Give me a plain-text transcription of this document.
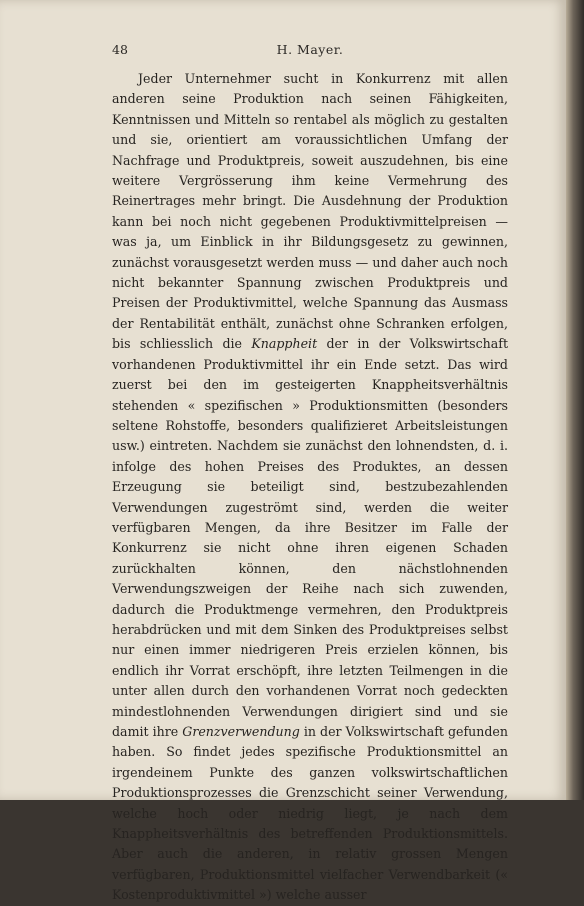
48	H. Mayer.
Jeder Unternehmer sucht in Konkurrenz mit allen anderen seine Produktion nach seinen Fähigkeiten, Kenntnissen und Mitteln so rentabel als möglich zu gestalten und sie, orientiert am voraussichtlichen Umfang der Nachfrage und Produktpreis, soweit auszudehnen, bis eine weitere Vergrösserung ihm keine Vermehrung des Reinertrages mehr bringt. Die Ausdehnung der Produktion kann bei noch nicht gegebenen Produktivmittelpreisen — was ja, um Einblick in ihr Bildungsgesetz zu gewinnen, zunächst vorausgesetzt werden muss — und daher auch noch nicht bekannter Spannung zwischen Produktpreis und Preisen der Produktivmittel, welche Spannung das Ausmass der Rentabilität enthält, zunächst ohne Schranken erfolgen, bis schliesslich die Knappheit der in der Volkswirtschaft vorhandenen Produktivmittel ihr ein Ende setzt. Das wird zuerst bei den im gesteigerten Knappheitsverhältnis stehenden « spezifischen » Produktionsmitten (besonders seltene Rohstoffe, besonders qualifizieret Arbeitsleistungen usw.) eintreten. Nachdem sie zunächst den lohnendsten, d. i. infolge des hohen Preises des Produktes, an dessen Erzeugung sie beteiligt sind, bestzubezahlenden Verwendungen zugeströmt sind, werden die weiter verfügbaren Mengen, da ihre Besitzer im Falle der Konkurrenz sie nicht ohne ihren eigenen Schaden zurückhalten können, den nächstlohnenden Verwendungszweigen der Reihe nach sich zuwenden, dadurch die Produktmenge vermehren, den Produktpreis herabdrücken und mit dem Sinken des Produktpreises selbst nur einen immer niedrigeren Preis erzielen können, bis endlich ihr Vorrat erschöpft, ihre letzten Teilmengen in die unter allen durch den vorhandenen Vorrat noch gedeckten mindestlohnenden Verwendungen dirigiert sind und sie damit ihre Grenzverwendung in der Volkswirtschaft gefunden haben. So findet jedes spezifische Produktionsmittel an irgendeinem Punkte des ganzen volkswirtschaftlichen Produktionsprozesses die Grenzschicht seiner Verwendung, welche hoch oder niedrig liegt, je nach dem Knappheitsverhältnis des betreffenden Produktionsmittels. Aber auch die anderen, in relativ grossen Mengen verfügbaren, Produktionsmittel vielfacher Verwendbarkeit (« Kostenproduktivmittel ») welche ausser
